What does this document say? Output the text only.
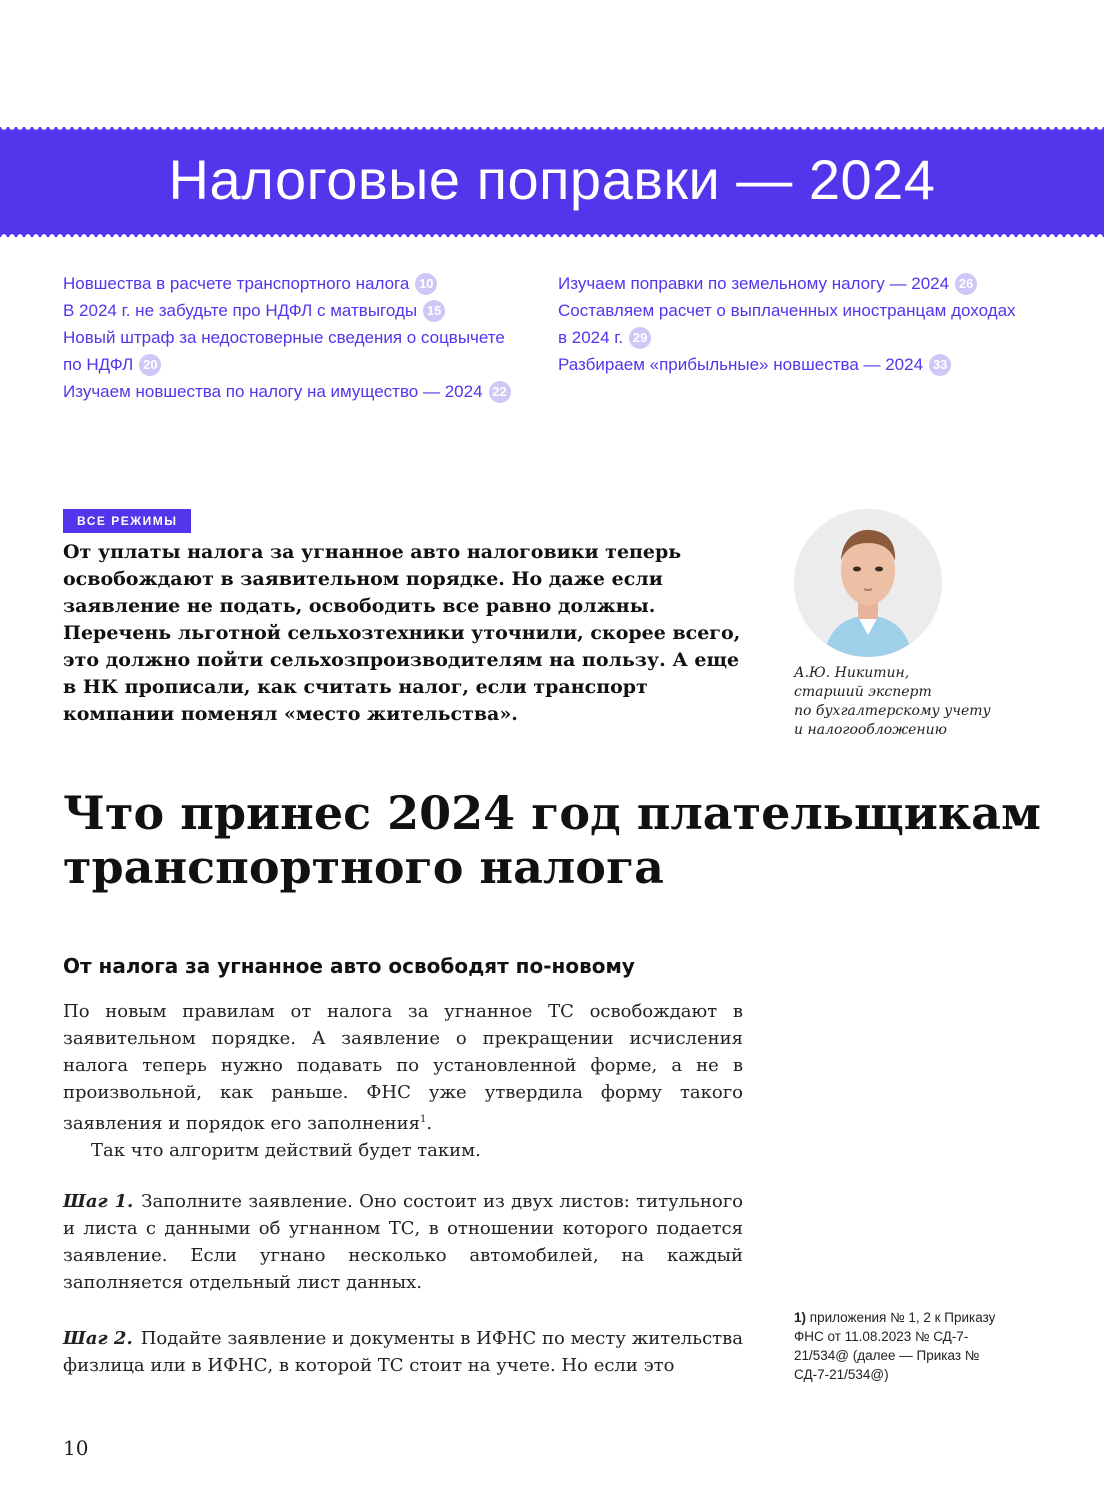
Налоговые поправки — 2024
Новшества в расчете транспортного налога 10
В 2024 г. не забудьте про НДФЛ с матвыгоды 15
Новый штраф за недостоверные сведения о соцвычете
по НДФЛ 20
Изучаем новшества по налогу на имущество — 2024 22
Изучаем поправки по земельному налогу — 2024 26
Составляем расчет о выплаченных иностранцам доходах
в 2024 г. 29
Разбираем «прибыльные» новшества — 2024 33
ВСЕ РЕЖИМЫ
От уплаты налога за угнанное авто налоговики теперь освобождают в заявительном порядке. Но даже если заявление не подать, освободить все равно должны. Перечень льготной сельхозтехники уточнили, скорее всего, это должно пойти сельхозпроизводителям на пользу. А еще в НК прописали, как считать налог, если транспорт компании поменял «место жительства».
А.Ю. Никитин,
старший эксперт
по бухгалтерскому учету
и налогообложению
Что принес 2024 год плательщикам транспортного налога
От налога за угнанное авто освободят по-новому
По новым правилам от налога за угнанное ТС освобождают в заявительном порядке. А заявление о прекращении исчисления налога теперь нужно подавать по установленной форме, а не в произвольной, как раньше. ФНС уже утвердила форму такого заявления и порядок его заполнения$^1$.
Так что алгоритм действий будет таким.
Шаг 1. Заполните заявление. Оно состоит из двух листов: титульного и листа с данными об угнанном ТС, в отношении которого подается заявление. Если угнано несколько автомобилей, на каждый заполняется отдельный лист данных.
Шаг 2. Подайте заявление и документы в ИФНС по месту жительства физлица или в ИФНС, в которой ТС стоит на учете. Но если это
1) приложения № 1, 2 к Приказу ФНС от 11.08.2023 № СД-7-21/534@ (далее — Приказ № СД-7-21/534@)
10
